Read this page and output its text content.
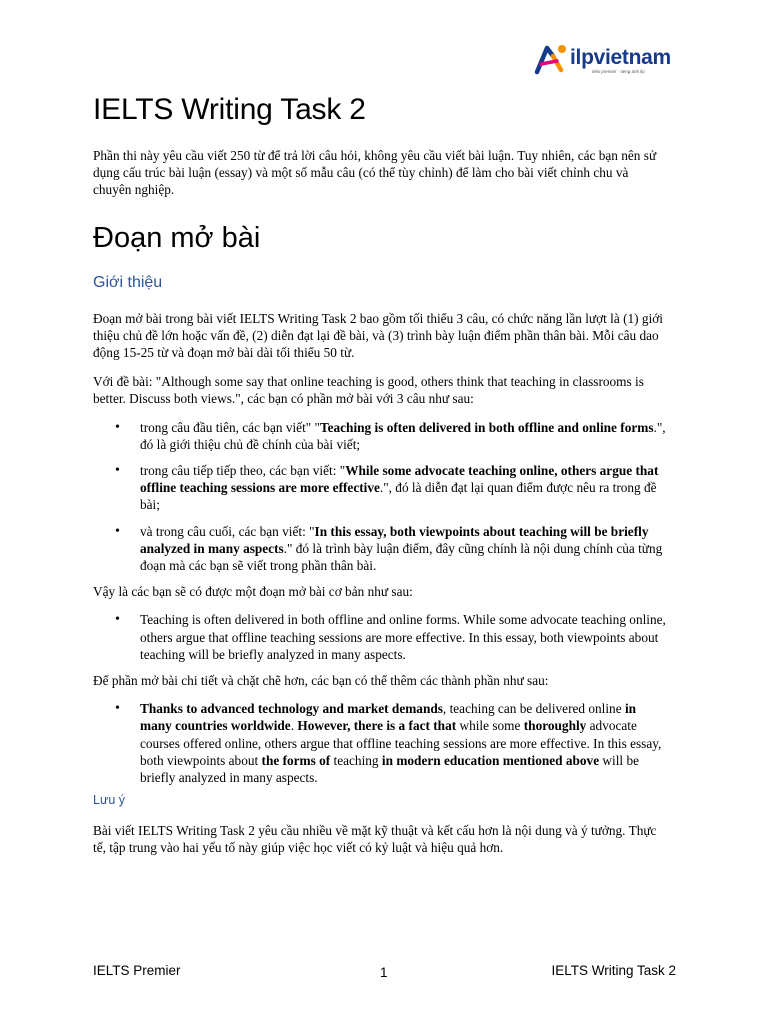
ilpvietnam
ielts premier · tieng anh ilp
IELTS Writing Task 2

Phần thi này yêu cầu viết 250 từ để trả lời câu hỏi, không yêu cầu viết bài luận. Tuy nhiên, các bạn nên sử dụng cấu trúc bài luận (essay) và một số mẫu câu (có thể tùy chỉnh) để làm cho bài viết chỉnh chu và chuyên nghiệp.

Đoạn mở bài
Giới thiệu

Đoạn mở bài trong bài viết IELTS Writing Task 2 bao gồm tối thiểu 3 câu, có chức năng lần lượt là (1) giới thiệu chủ đề lớn hoặc vấn đề, (2) diễn đạt lại đề bài, và (3) trình bày luận điểm phần thân bài. Mỗi câu dao động 15-25 từ và đoạn mở bài dài tối thiểu 50 từ.

Với đề bài: "Although some say that online teaching is good, others think that teaching in classrooms is better. Discuss both views.", các bạn có phần mở bài với 3 câu như sau:

• trong câu đầu tiên, các bạn viết" "Teaching is often delivered in both offline and online forms.", đó là giới thiệu chủ đề chính của bài viết;
• trong câu tiếp tiếp theo, các bạn viết: "While some advocate teaching online, others argue that offline teaching sessions are more effective.", đó là diễn đạt lại quan điểm được nêu ra trong đề bài;
• và trong câu cuối, các bạn viết: "In this essay, both viewpoints about teaching will be briefly analyzed in many aspects." đó là trình bày luận điểm, đây cũng chính là nội dung chính của từng đoạn mà các bạn sẽ viết trong phần thân bài.

Vậy là các bạn sẽ có được một đoạn mở bài cơ bản như sau:

• Teaching is often delivered in both offline and online forms. While some advocate teaching online, others argue that offline teaching sessions are more effective. In this essay, both viewpoints about teaching will be briefly analyzed in many aspects.

Để phần mở bài chi tiết và chặt chẽ hơn, các bạn có thể thêm các thành phần như sau:

• Thanks to advanced technology and market demands, teaching can be delivered online in many countries worldwide. However, there is a fact that while some thoroughly advocate courses offered online, others argue that offline teaching sessions are more effective. In this essay, both viewpoints about the forms of teaching in modern education mentioned above will be briefly analyzed in many aspects.
Lưu ý

Bài viết IELTS Writing Task 2 yêu cầu nhiều về mặt kỹ thuật và kết cấu hơn là nội dung và ý tưởng. Thực tế, tập trung vào hai yếu tố này giúp việc học viết có kỷ luật và hiệu quả hơn.

IELTS Premier	1	IELTS Writing Task 2
